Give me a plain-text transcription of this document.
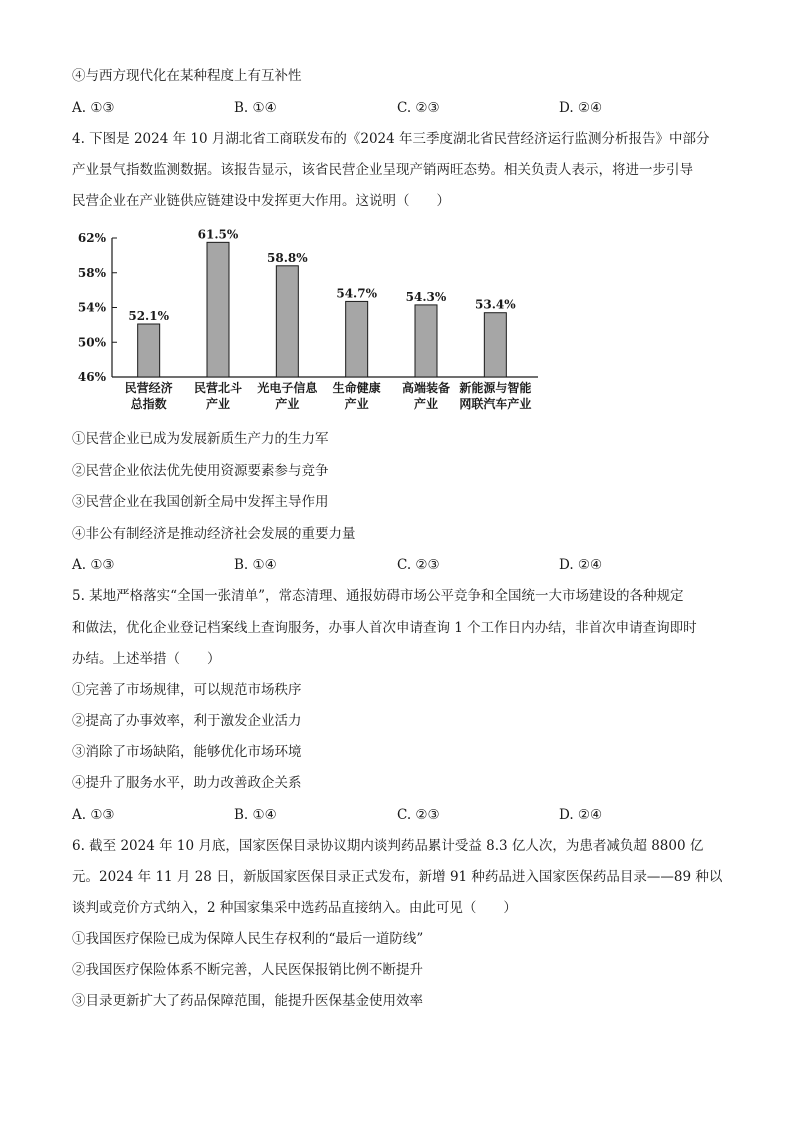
④与西方现代化在某种程度上有互补性
A. ①③	B. ①④	C. ②③	D. ②④
4. 下图是 2024 年 10 月湖北省工商联发布的《2024 年三季度湖北省民营经济运行监测分析报告》中部分
产业景气指数监测数据。该报告显示，该省民营企业呈现产销两旺态势。相关负责人表示，将进一步引导
民营企业在产业链供应链建设中发挥更大作用。这说明（　　）
62%
58%
54%
50%
46%
52.1%
民营经济
总指数
61.5%
民营北斗
产业
58.8%
光电子信息
产业
54.7%
生命健康
产业
54.3%
高端装备
产业
53.4%
新能源与智能
网联汽车产业
①民营企业已成为发展新质生产力的生力军
②民营企业依法优先使用资源要素参与竞争
③民营企业在我国创新全局中发挥主导作用
④非公有制经济是推动经济社会发展的重要力量
A. ①③	B. ①④	C. ②③	D. ②④
5. 某地严格落实“全国一张清单”，常态清理、通报妨碍市场公平竞争和全国统一大市场建设的各种规定
和做法，优化企业登记档案线上查询服务，办事人首次申请查询 1 个工作日内办结，非首次申请查询即时
办结。上述举措（　　）
①完善了市场规律，可以规范市场秩序
②提高了办事效率，利于激发企业活力
③消除了市场缺陷，能够优化市场环境
④提升了服务水平，助力改善政企关系
A. ①③	B. ①④	C. ②③	D. ②④
6. 截至 2024 年 10 月底，国家医保目录协议期内谈判药品累计受益 8.3 亿人次，为患者减负超 8800 亿
元。2024 年 11 月 28 日，新版国家医保目录正式发布，新增 91 种药品进入国家医保药品目录——89 种以
谈判或竞价方式纳入，2 种国家集采中选药品直接纳入。由此可见（　　）
①我国医疗保险已成为保障人民生存权利的“最后一道防线”
②我国医疗保险体系不断完善，人民医保报销比例不断提升
③目录更新扩大了药品保障范围，能提升医保基金使用效率
